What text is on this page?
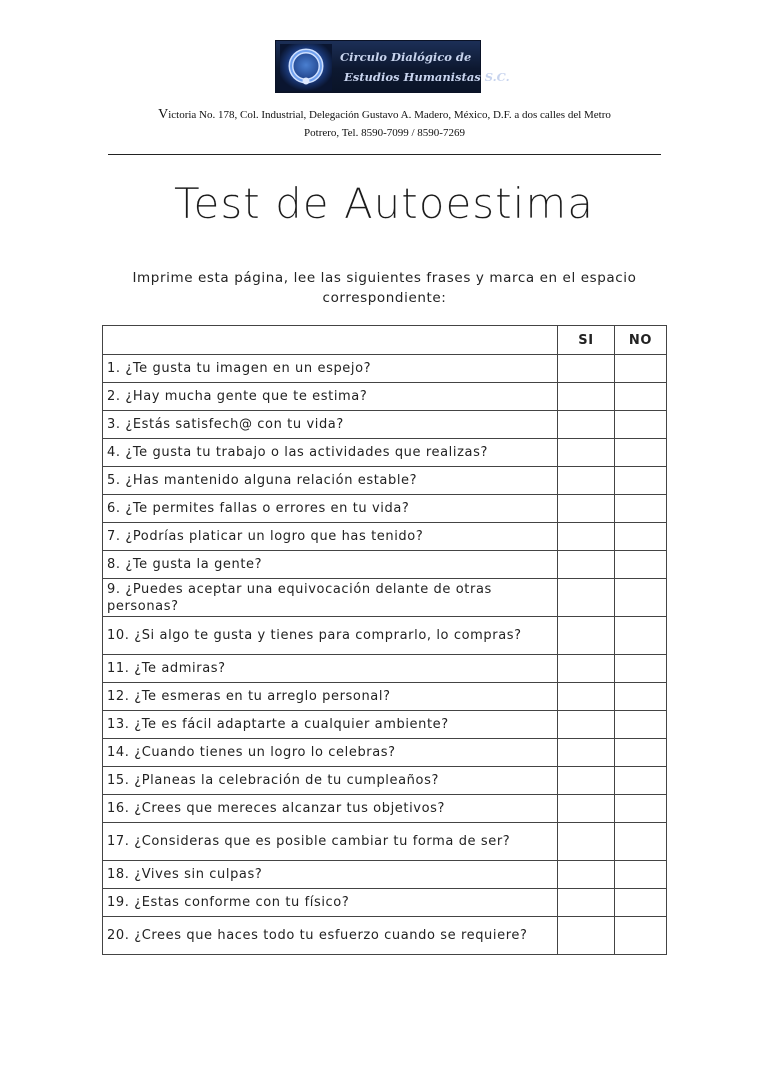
Circulo Dialógico de
Estudios Humanistas S.C.
Victoria No. 178, Col. Industrial, Delegación Gustavo A. Madero, México, D.F. a dos calles del Metro
Potrero, Tel. 8590-7099 / 8590-7269
Test de Autoestima
Imprime esta página, lee las siguientes frases y marca en el espacio correspondiente:
	SI	NO
1. ¿Te gusta tu imagen en un espejo?		
2. ¿Hay mucha gente que te estima?		
3. ¿Estás satisfech@ con tu vida?		
4. ¿Te gusta tu trabajo o las actividades que realizas?		
5. ¿Has mantenido alguna relación estable?		
6. ¿Te permites fallas o errores en tu vida?		
7. ¿Podrías platicar un logro que has tenido?		
8. ¿Te gusta la gente?		
9. ¿Puedes aceptar una equivocación delante de otras personas?		
10. ¿Si algo te gusta y tienes para comprarlo, lo compras?		
11. ¿Te admiras?		
12. ¿Te esmeras en tu arreglo personal?		
13. ¿Te es fácil adaptarte a cualquier ambiente?		
14. ¿Cuando tienes un logro lo celebras?		
15. ¿Planeas la celebración de tu cumpleaños?		
16. ¿Crees que mereces alcanzar tus objetivos?		
17. ¿Consideras que es posible cambiar tu forma de ser?		
18. ¿Vives sin culpas?		
19. ¿Estas conforme con tu físico?		
20. ¿Crees que haces todo tu esfuerzo cuando se requiere?		
